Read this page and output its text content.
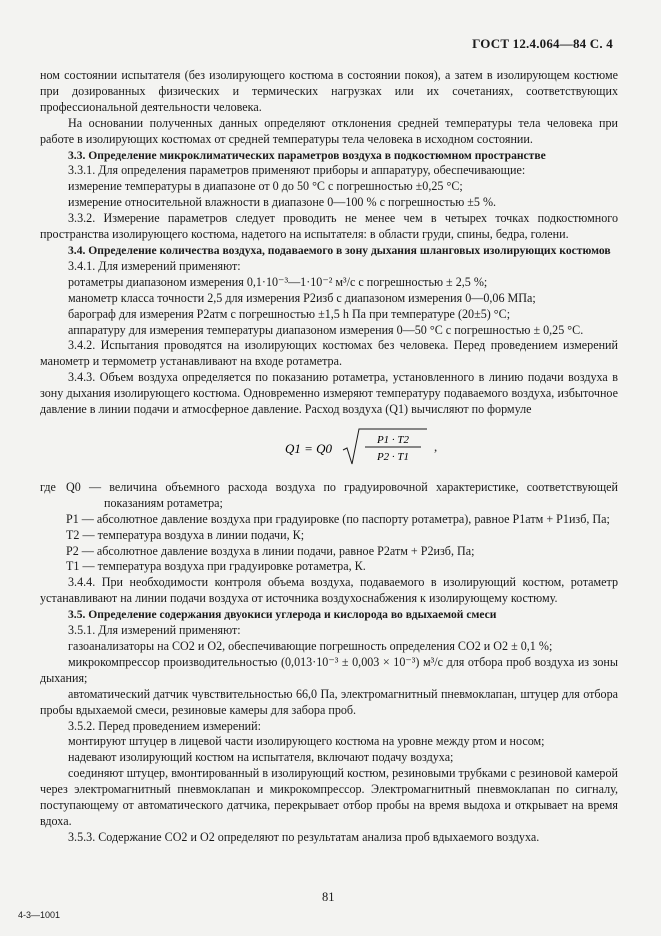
ГОСТ 12.4.064—84 С. 4

ном состоянии испытателя (без изолирующего костюма в состоянии покоя), а затем в изолирующем костюме при дозированных физических и термических нагрузках или их сочетаниях, соответствующих профессиональной деятельности человека.

На основании полученных данных определяют отклонения средней температуры тела человека при работе в изолирующих костюмах от средней температуры тела человека в исходном состоянии.

3.3. Определение микроклиматических параметров воздуха в подкостюмном пространстве

3.3.1. Для определения параметров применяют приборы и аппаратуру, обеспечивающие:

измерение температуры в диапазоне от 0 до 50 °С с погрешностью ±0,25 °С;

измерение относительной влажности в диапазоне 0—100 % с погрешностью ±5 %.

3.3.2. Измерение параметров следует проводить не менее чем в четырех точках подкостюмного пространства изолирующего костюма, надетого на испытателя: в области груди, спины, бедра, голени.

3.4. Определение количества воздуха, подаваемого в зону дыхания шланговых изолирующих костюмов

3.4.1. Для измерений применяют:

ротаметры диапазоном измерения 0,1·10⁻³—1·10⁻² м³/с с погрешностью ± 2,5 %;

манометр класса точности 2,5 для измерения P2изб с диапазоном измерения 0—0,06 МПа;

барограф для измерения P2атм с погрешностью ±1,5 h Па при температуре (20±5) °С;

аппаратуру для измерения температуры диапазоном измерения 0—50 °С с погрешностью ± 0,25 °С.

3.4.2. Испытания проводятся на изолирующих костюмах без человека. Перед проведением измерений манометр и термометр устанавливают на входе ротаметра.

3.4.3. Объем воздуха определяется по показанию ротаметра, установленного в линию подачи воздуха в зону дыхания изолирующего костюма. Одновременно измеряют температуру подаваемого воздуха, избыточное давление в линии подачи и атмосферное давление. Расход воздуха (Q1) вычисляют по формуле

Q1 = Q0
P1 · T2
P2 · T1
,
где Q0 — величина объемного расхода воздуха по градуировочной характеристике, соответствующей показаниям ротаметра;

P1 — абсолютное давление воздуха при градуировке (по паспорту ротаметра), равное P1атм + P1изб, Па;

T2 — температура воздуха в линии подачи, К;

P2 — абсолютное давление воздуха в линии подачи, равное P2атм + P2изб, Па;

T1 — температура воздуха при градуировке ротаметра, К.

3.4.4. При необходимости контроля объема воздуха, подаваемого в изолирующий костюм, ротаметр устанавливают на линии подачи воздуха от источника воздухоснабжения к изолирующему костюму.

3.5. Определение содержания двуокиси углерода и кислорода во вдыхаемой смеси

3.5.1. Для измерений применяют:

газоанализаторы на CO2 и O2, обеспечивающие погрешность определения CO2 и O2 ± 0,1 %;

микрокомпрессор производительностью (0,013·10⁻³ ± 0,003 × 10⁻³) м³/с для отбора проб воздуха из зоны дыхания;

автоматический датчик чувствительностью 66,0 Па, электромагнитный пневмоклапан, штуцер для отбора пробы вдыхаемой смеси, резиновые камеры для забора проб.

3.5.2. Перед проведением измерений:

монтируют штуцер в лицевой части изолирующего костюма на уровне между ртом и носом;

надевают изолирующий костюм на испытателя, включают подачу воздуха;

соединяют штуцер, вмонтированный в изолирующий костюм, резиновыми трубками с резиновой камерой через электромагнитный пневмоклапан и микрокомпрессор. Электромагнитный пневмоклапан по сигналу, поступающему от автоматического датчика, перекрывает отбор пробы на время выдоха и открывает на время вдоха.

3.5.3. Содержание CO2 и O2 определяют по результатам анализа проб вдыхаемого воздуха.

81
4-3—1001
